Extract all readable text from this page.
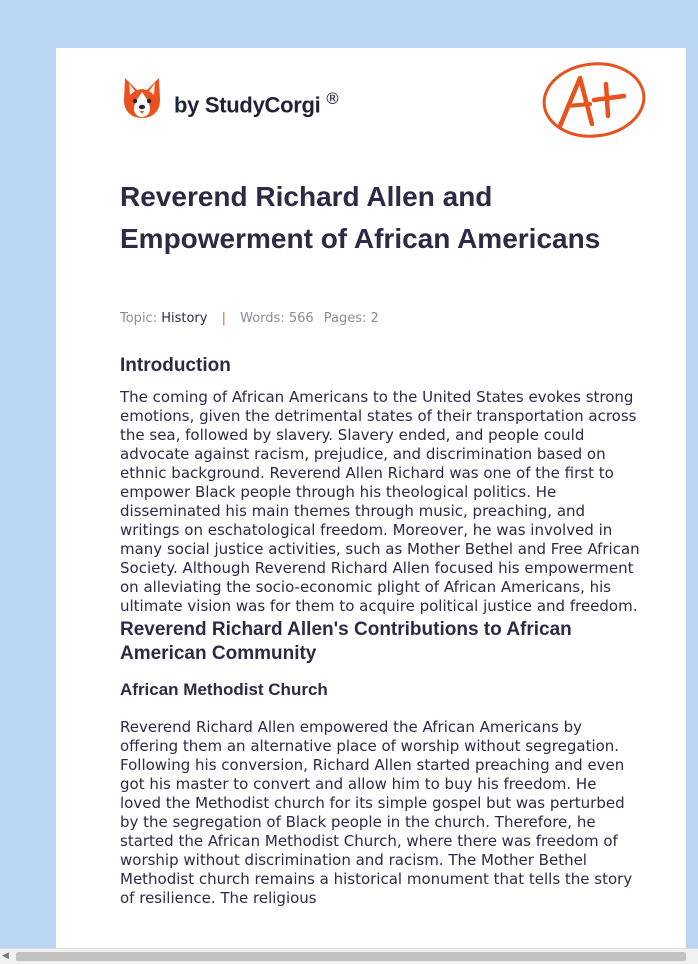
by StudyCorgi ®
Reverend Richard Allen and Empowerment of African Americans
Topic: History | Words: 566 Pages: 2
Introduction

The coming of African Americans to the United States evokes strong emotions, given the detrimental states of their transportation across the sea, followed by slavery. Slavery ended, and people could advocate against racism, prejudice, and discrimination based on ethnic background. Reverend Allen Richard was one of the first to empower Black people through his theological politics. He disseminated his main themes through music, preaching, and writings on eschatological freedom. Moreover, he was involved in many social justice activities, such as Mother Bethel and Free African Society. Although Reverend Richard Allen focused his empowerment on alleviating the socio-economic plight of African Americans, his ultimate vision was for them to acquire political justice and freedom.

Reverend Richard Allen's Contributions to African American Community
African Methodist Church

Reverend Richard Allen empowered the African Americans by offering them an alternative place of worship without segregation. Following his conversion, Richard Allen started preaching and even got his master to convert and allow him to buy his freedom. He loved the Methodist church for its simple gospel but was perturbed by the segregation of Black people in the church. Therefore, he started the African Methodist Church, where there was freedom of worship without discrimination and racism. The Mother Bethel Methodist church remains a historical monument that tells the story of resilience. The religious

◀
